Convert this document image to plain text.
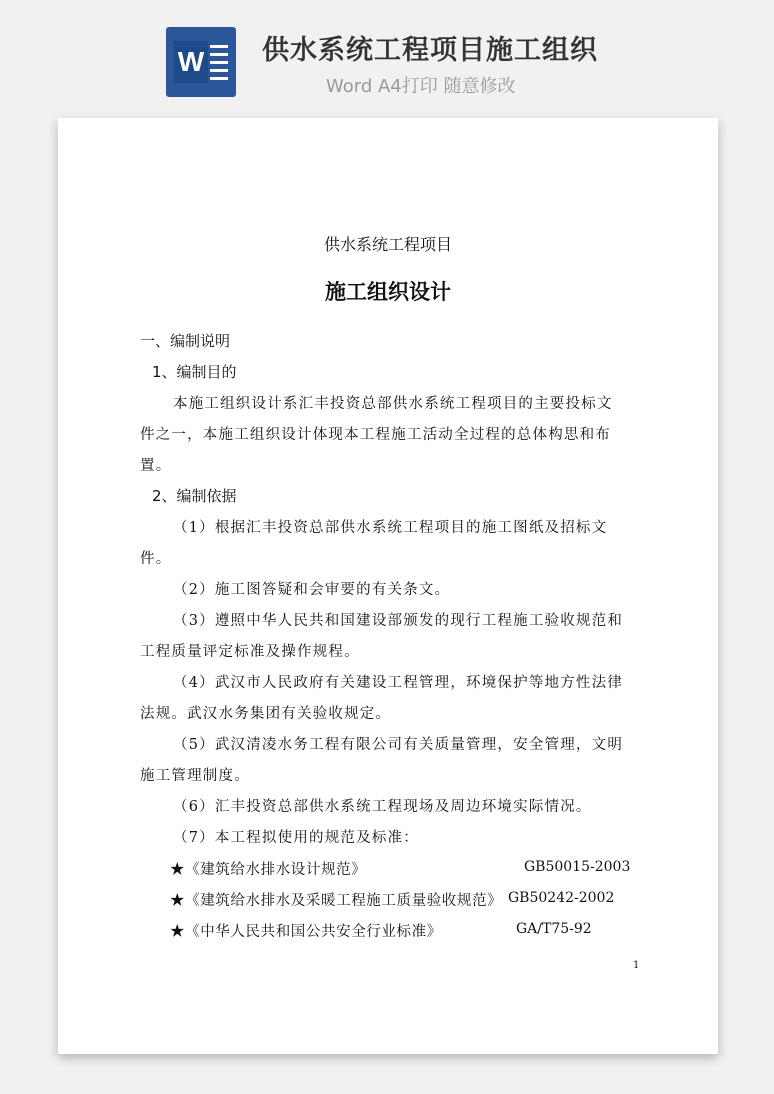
W 供水系统工程项目施工组织
Word A4打印 随意修改
供水系统工程项目
施工组织设计
一、编制说明
1、编制目的
本施工组织设计系汇丰投资总部供水系统工程项目的主要投标文
件之一，本施工组织设计体现本工程施工活动全过程的总体构思和布
置。
2、编制依据
（1）根据汇丰投资总部供水系统工程项目的施工图纸及招标文
件。
（2）施工图答疑和会审要的有关条文。
（3）遵照中华人民共和国建设部颁发的现行工程施工验收规范和
工程质量评定标准及操作规程。
（4）武汉市人民政府有关建设工程管理，环境保护等地方性法律
法规。武汉水务集团有关验收规定。
（5）武汉清凌水务工程有限公司有关质量管理，安全管理，文明
施工管理制度。
（6）汇丰投资总部供水系统工程现场及周边环境实际情况。
（7）本工程拟使用的规范及标准：
★《建筑给水排水设计规范》	GB50015-2003
★《建筑给水排水及采暖工程施工质量验收规范》 GB50242-2002
★《中华人民共和国公共安全行业标准》	GA/T75-92
1
